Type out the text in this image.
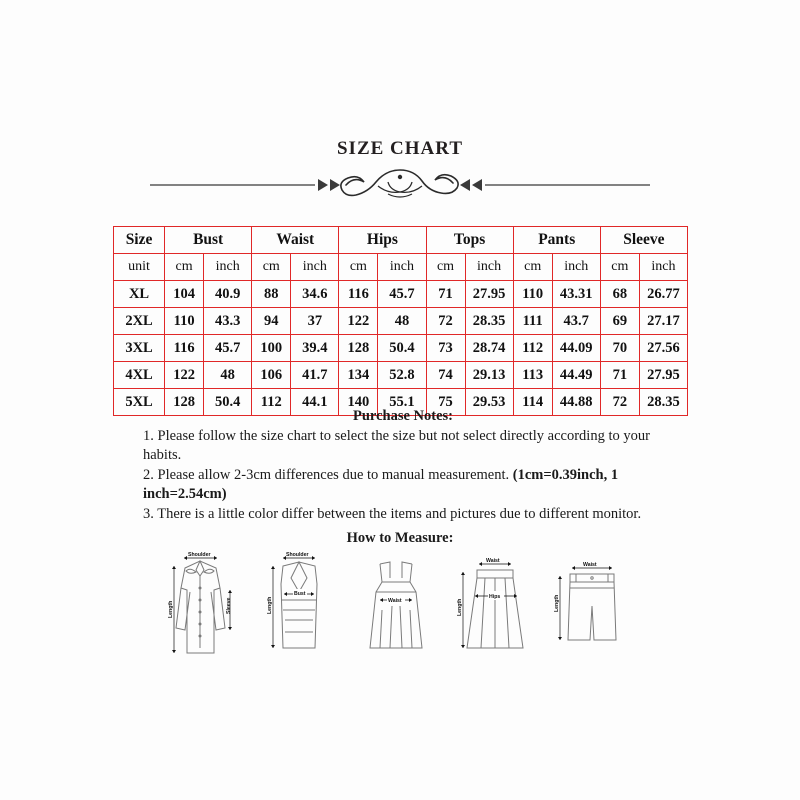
SIZE CHART
Size	Bust		Waist		Hips		Tops		Pants		Sleeve	
unit	cm	inch	cm	inch	cm	inch	cm	inch	cm	inch	cm	inch
XL	104	40.9	88	34.6	116	45.7	71	27.95	110	43.31	68	26.77
2XL	110	43.3	94	37	122	48	72	28.35	111	43.7	69	27.17
3XL	116	45.7	100	39.4	128	50.4	73	28.74	112	44.09	70	27.56
4XL	122	48	106	41.7	134	52.8	74	29.13	113	44.49	71	27.95
5XL	128	50.4	112	44.1	140	55.1	75	29.53	114	44.88	72	28.35
Purchase Notes:
1. Please follow the size chart to select the size but not select directly according to your habits.
2. Please allow 2-3cm differences due to manual measurement. (1cm=0.39inch, 1 inch=2.54cm)
3. There is a little color differ between the items and pictures due to different monitor.
How to Measure:
Shoulder
Length	Sleeve
Shoulder
Length
Bust
Waist
Waist
Length
Hips
Waist
Length
